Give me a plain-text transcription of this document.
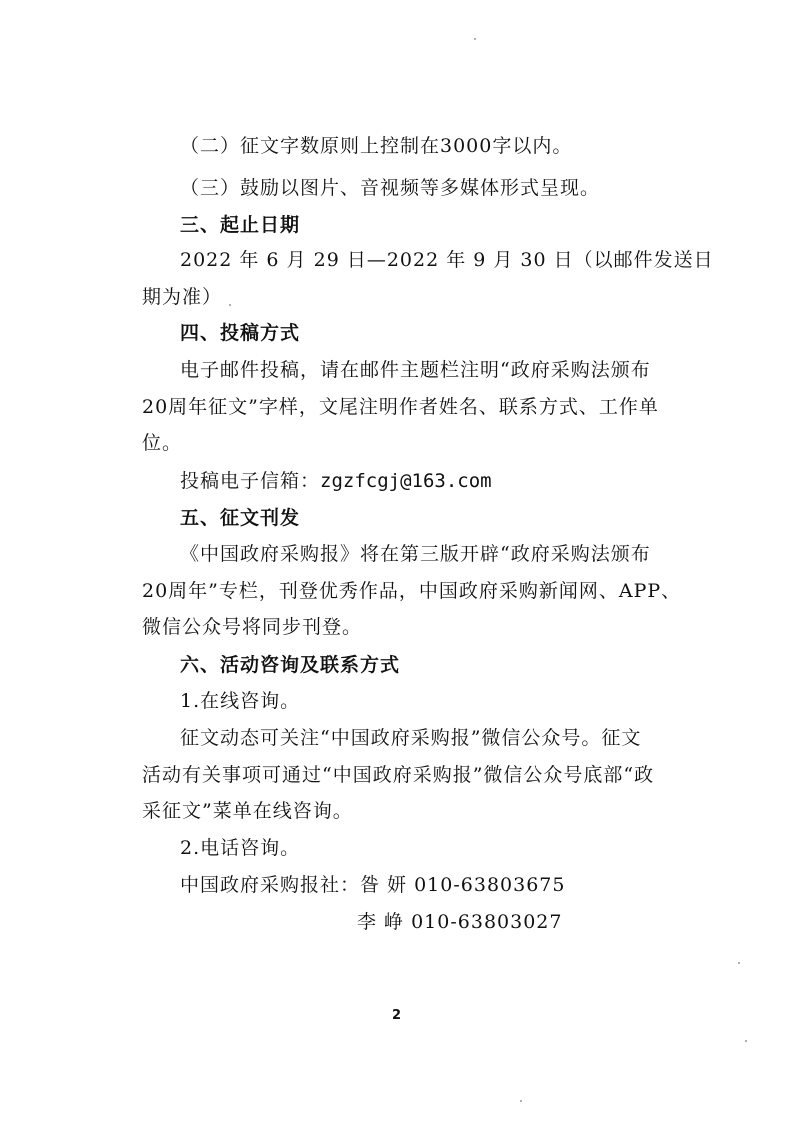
（二）征文字数原则上控制在3000字以内。
（三）鼓励以图片、音视频等多媒体形式呈现。
三、起止日期
2022 年 6 月 29 日—2022 年 9 月 30 日（以邮件发送日
期为准）
四、投稿方式
电子邮件投稿，请在邮件主题栏注明“政府采购法颁布
20周年征文”字样，文尾注明作者姓名、联系方式、工作单
位。
投稿电子信箱：zgzfcgj@163.com
五、征文刊发
《中国政府采购报》将在第三版开辟“政府采购法颁布
20周年”专栏，刊登优秀作品，中国政府采购新闻网、APP、
微信公众号将同步刊登。
六、活动咨询及联系方式
1.在线咨询。
征文动态可关注“中国政府采购报”微信公众号。征文
活动有关事项可通过“中国政府采购报”微信公众号底部“政
采征文”菜单在线咨询。
2.电话咨询。
中国政府采购报社：昝 妍 010-63803675
李 峥 010-63803027
2
